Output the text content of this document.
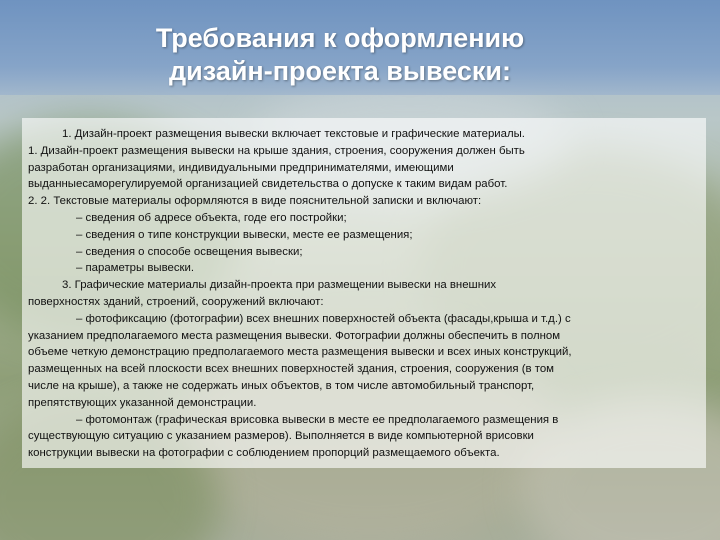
Требования к оформлению
дизайн-проекта вывески:
1. Дизайн-проект размещения вывески включает текстовые и графические материалы.
1. Дизайн-проект размещения вывески на крыше здания, строения, сооружения должен быть
разработан организациями, индивидуальными предпринимателями, имеющими
выданныесаморегулируемой организацией свидетельства о допуске к таким видам работ.
2. 2. Текстовые материалы оформляются в виде пояснительной записки и включают:
– сведения об адресе объекта, годе его постройки;
– сведения о типе конструкции вывески, месте ее размещения;
– сведения о способе освещения вывески;
– параметры вывески.
3. Графические материалы дизайн-проекта при размещении вывески на внешних
поверхностях зданий, строений, сооружений включают:
– фотофиксацию (фотографии) всех внешних поверхностей объекта (фасады,крыша и т.д.) с
указанием предполагаемого места размещения вывески. Фотографии должны обеспечить в полном
объеме четкую демонстрацию предполагаемого места размещения вывески и всех иных конструкций,
размещенных на всей плоскости всех внешних поверхностей здания, строения, сооружения (в том
числе на крыше), а также не содержать иных объектов, в том числе автомобильный транспорт,
препятствующих указанной демонстрации.
– фотомонтаж (графическая врисовка вывески в месте ее предполагаемого размещения в
существующую ситуацию с указанием размеров). Выполняется в виде компьютерной врисовки
конструкции вывески на фотографии с соблюдением пропорций размещаемого объекта.
